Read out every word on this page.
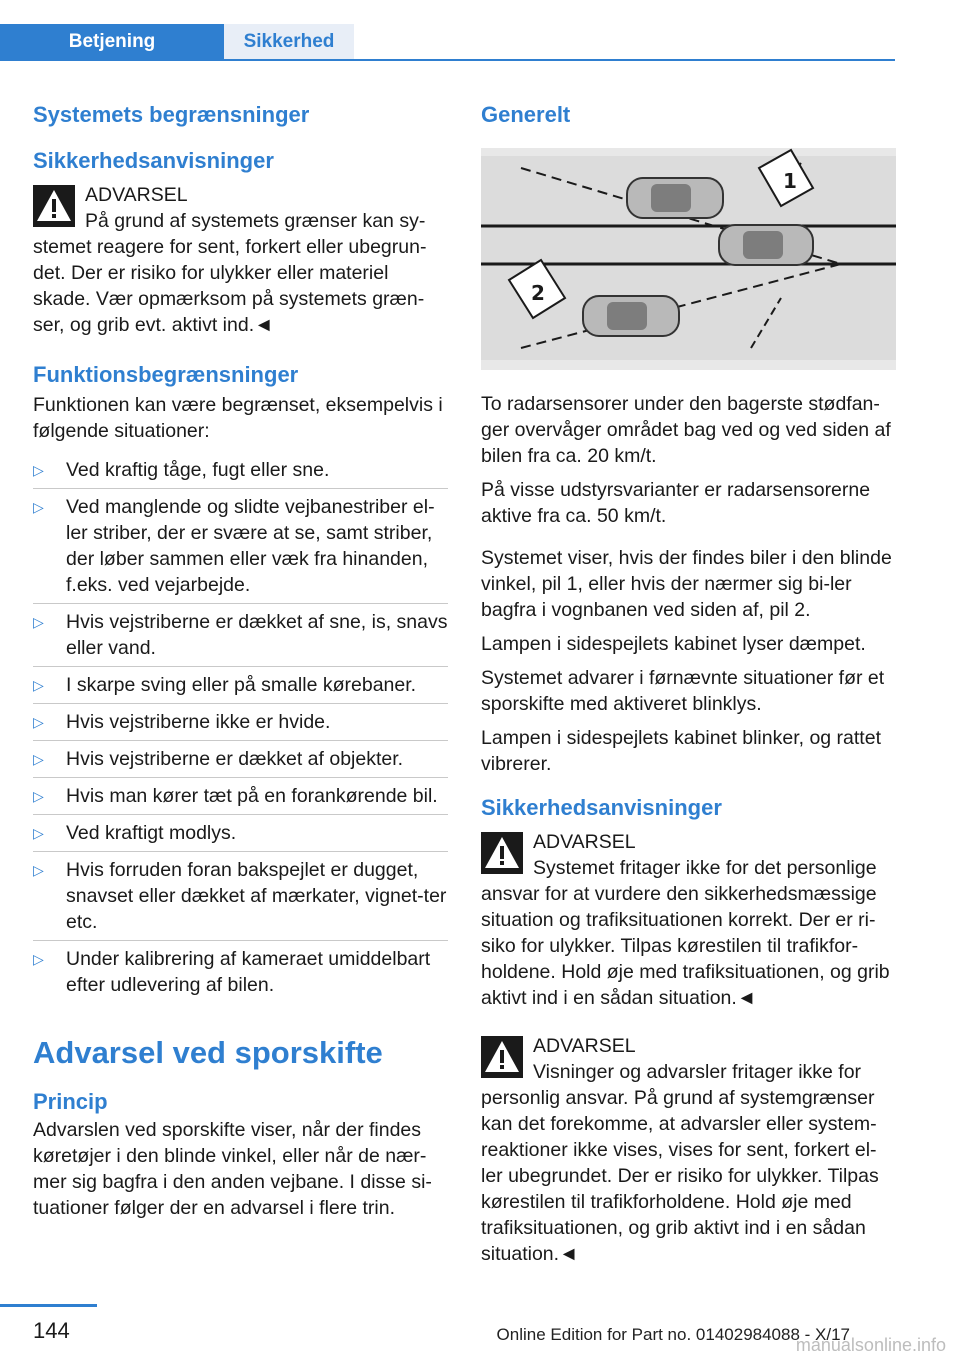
Betjening	Sikkerhed
Systemets begrænsninger
Sikkerhedsanvisninger
ADVARSEL
På grund af systemets grænser kan sy-stemet reagere for sent, forkert eller ubegrun-det. Der er risiko for ulykker eller materiel skade. Vær opmærksom på systemets græn-ser, og grib evt. aktivt ind.◄
Funktionsbegrænsninger

Funktionen kan være begrænset, eksempelvis i følgende situationer:

▷ Ved kraftig tåge, fugt eller sne.
▷ Ved manglende og slidte vejbanestriber el-ler striber, der er svære at se, samt striber, der løber sammen eller væk fra hinanden, f.eks. ved vejarbejde.
▷ Hvis vejstriberne er dækket af sne, is, snavs eller vand.
▷ I skarpe sving eller på smalle kørebaner.
▷ Hvis vejstriberne ikke er hvide.
▷ Hvis vejstriberne er dækket af objekter.
▷ Hvis man kører tæt på en forankørende bil.
▷ Ved kraftigt modlys.
▷ Hvis forruden foran bakspejlet er dugget, snavset eller dækket af mærkater, vignet-ter etc.
▷ Under kalibrering af kameraet umiddelbart efter udlevering af bilen.
Advarsel ved sporskifte
Princip

Advarslen ved sporskifte viser, når der findes køretøjer i den blinde vinkel, eller når de nær-mer sig bagfra i den anden vejbane. I disse si-tuationer følger der en advarsel i flere trin.

Generelt
1
2

To radarsensorer under den bagerste stødfan-ger overvåger området bag ved og ved siden af bilen fra ca. 20 km/t.

På visse udstyrsvarianter er radarsensorerne aktive fra ca. 50 km/t.

Systemet viser, hvis der findes biler i den blinde vinkel, pil 1, eller hvis der nærmer sig bi-ler bagfra i vognbanen ved siden af, pil 2.

Lampen i sidespejlets kabinet lyser dæmpet.

Systemet advarer i førnævnte situationer før et sporskifte med aktiveret blinklys.

Lampen i sidespejlets kabinet blinker, og rattet vibrerer.

Sikkerhedsanvisninger
ADVARSEL
Systemet fritager ikke for det personlige ansvar for at vurdere den sikkerhedsmæssige situation og trafiksituationen korrekt. Der er ri-siko for ulykker. Tilpas kørestilen til trafikfor-holdene. Hold øje med trafiksituationen, og grib aktivt ind i en sådan situation.◄
ADVARSEL
Visninger og advarsler fritager ikke for personlig ansvar. På grund af systemgrænser kan det forekomme, at advarsler eller system-reaktioner ikke vises, vises for sent, forkert el-ler ubegrundet. Der er risiko for ulykker. Tilpas kørestilen til trafikforholdene. Hold øje med trafiksituationen, og grib aktivt ind i en sådan situation.◄
144	Online Edition for Part no. 01402984088 - X/17
manualsonline.info
